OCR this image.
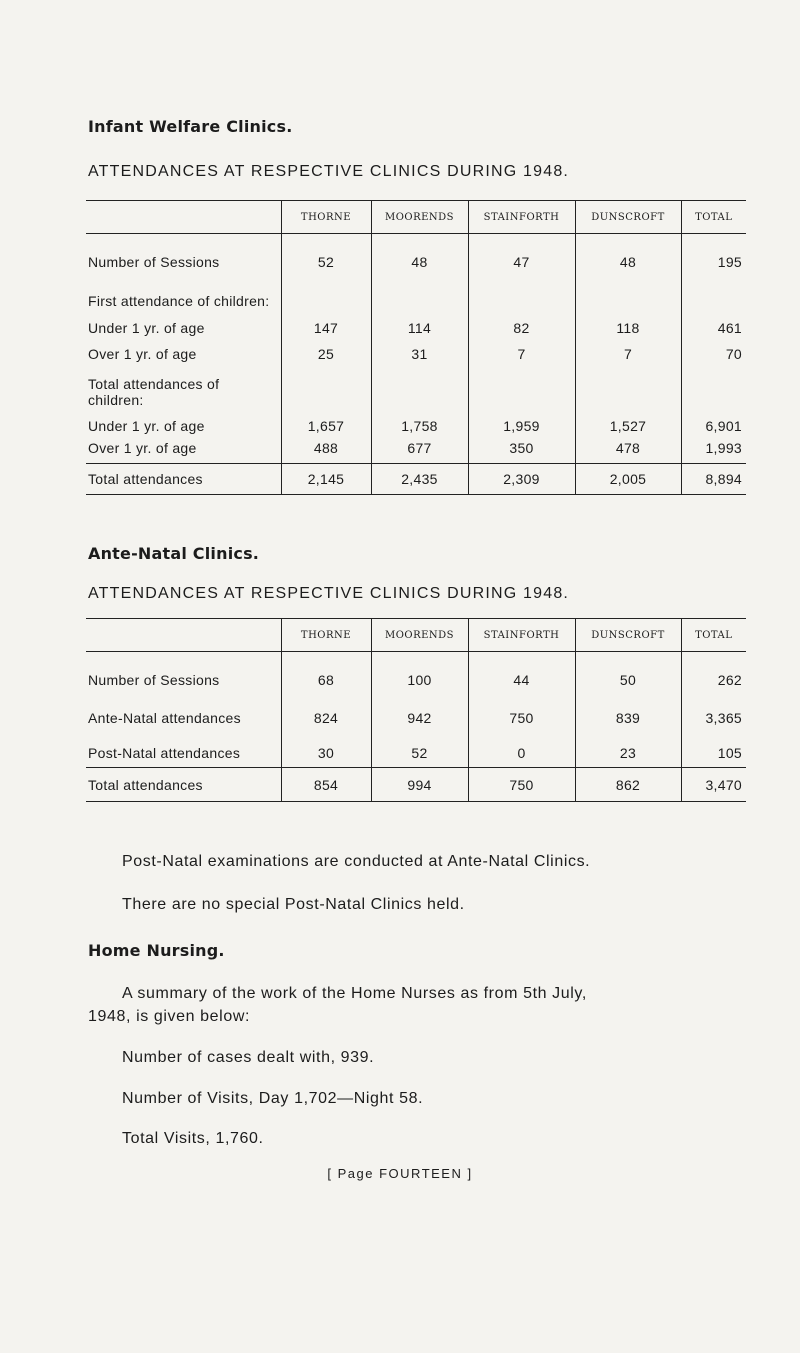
Infant Welfare Clinics.
ATTENDANCES AT RESPECTIVE CLINICS DURING 1948.
	THORNE	MOORENDS	STAINFORTH	DUNSCROFT	TOTAL
Number of Sessions	52	48	47	48	195
First attendance of children:					
Under 1 yr. of age	147	114	82	118	461
Over 1 yr. of age	25	31	7	7	70
Total attendances of children:					
Under 1 yr. of age	1,657	1,758	1,959	1,527	6,901
Over 1 yr. of age	488	677	350	478	1,993
Total attendances	2,145	2,435	2,309	2,005	8,894
Ante-Natal Clinics.
ATTENDANCES AT RESPECTIVE CLINICS DURING 1948.
	THORNE	MOORENDS	STAINFORTH	DUNSCROFT	TOTAL
Number of Sessions	68	100	44	50	262
Ante-Natal attendances	824	942	750	839	3,365
Post-Natal attendances	30	52	0	23	105
Total attendances	854	994	750	862	3,470
Post-Natal examinations are conducted at Ante-Natal Clinics.
There are no special Post-Natal Clinics held.
Home Nursing.
A summary of the work of the Home Nurses as from 5th July,
1948, is given below:
Number of cases dealt with, 939.
Number of Visits, Day 1,702—Night 58.
Total Visits, 1,760.
[ Page FOURTEEN ]
